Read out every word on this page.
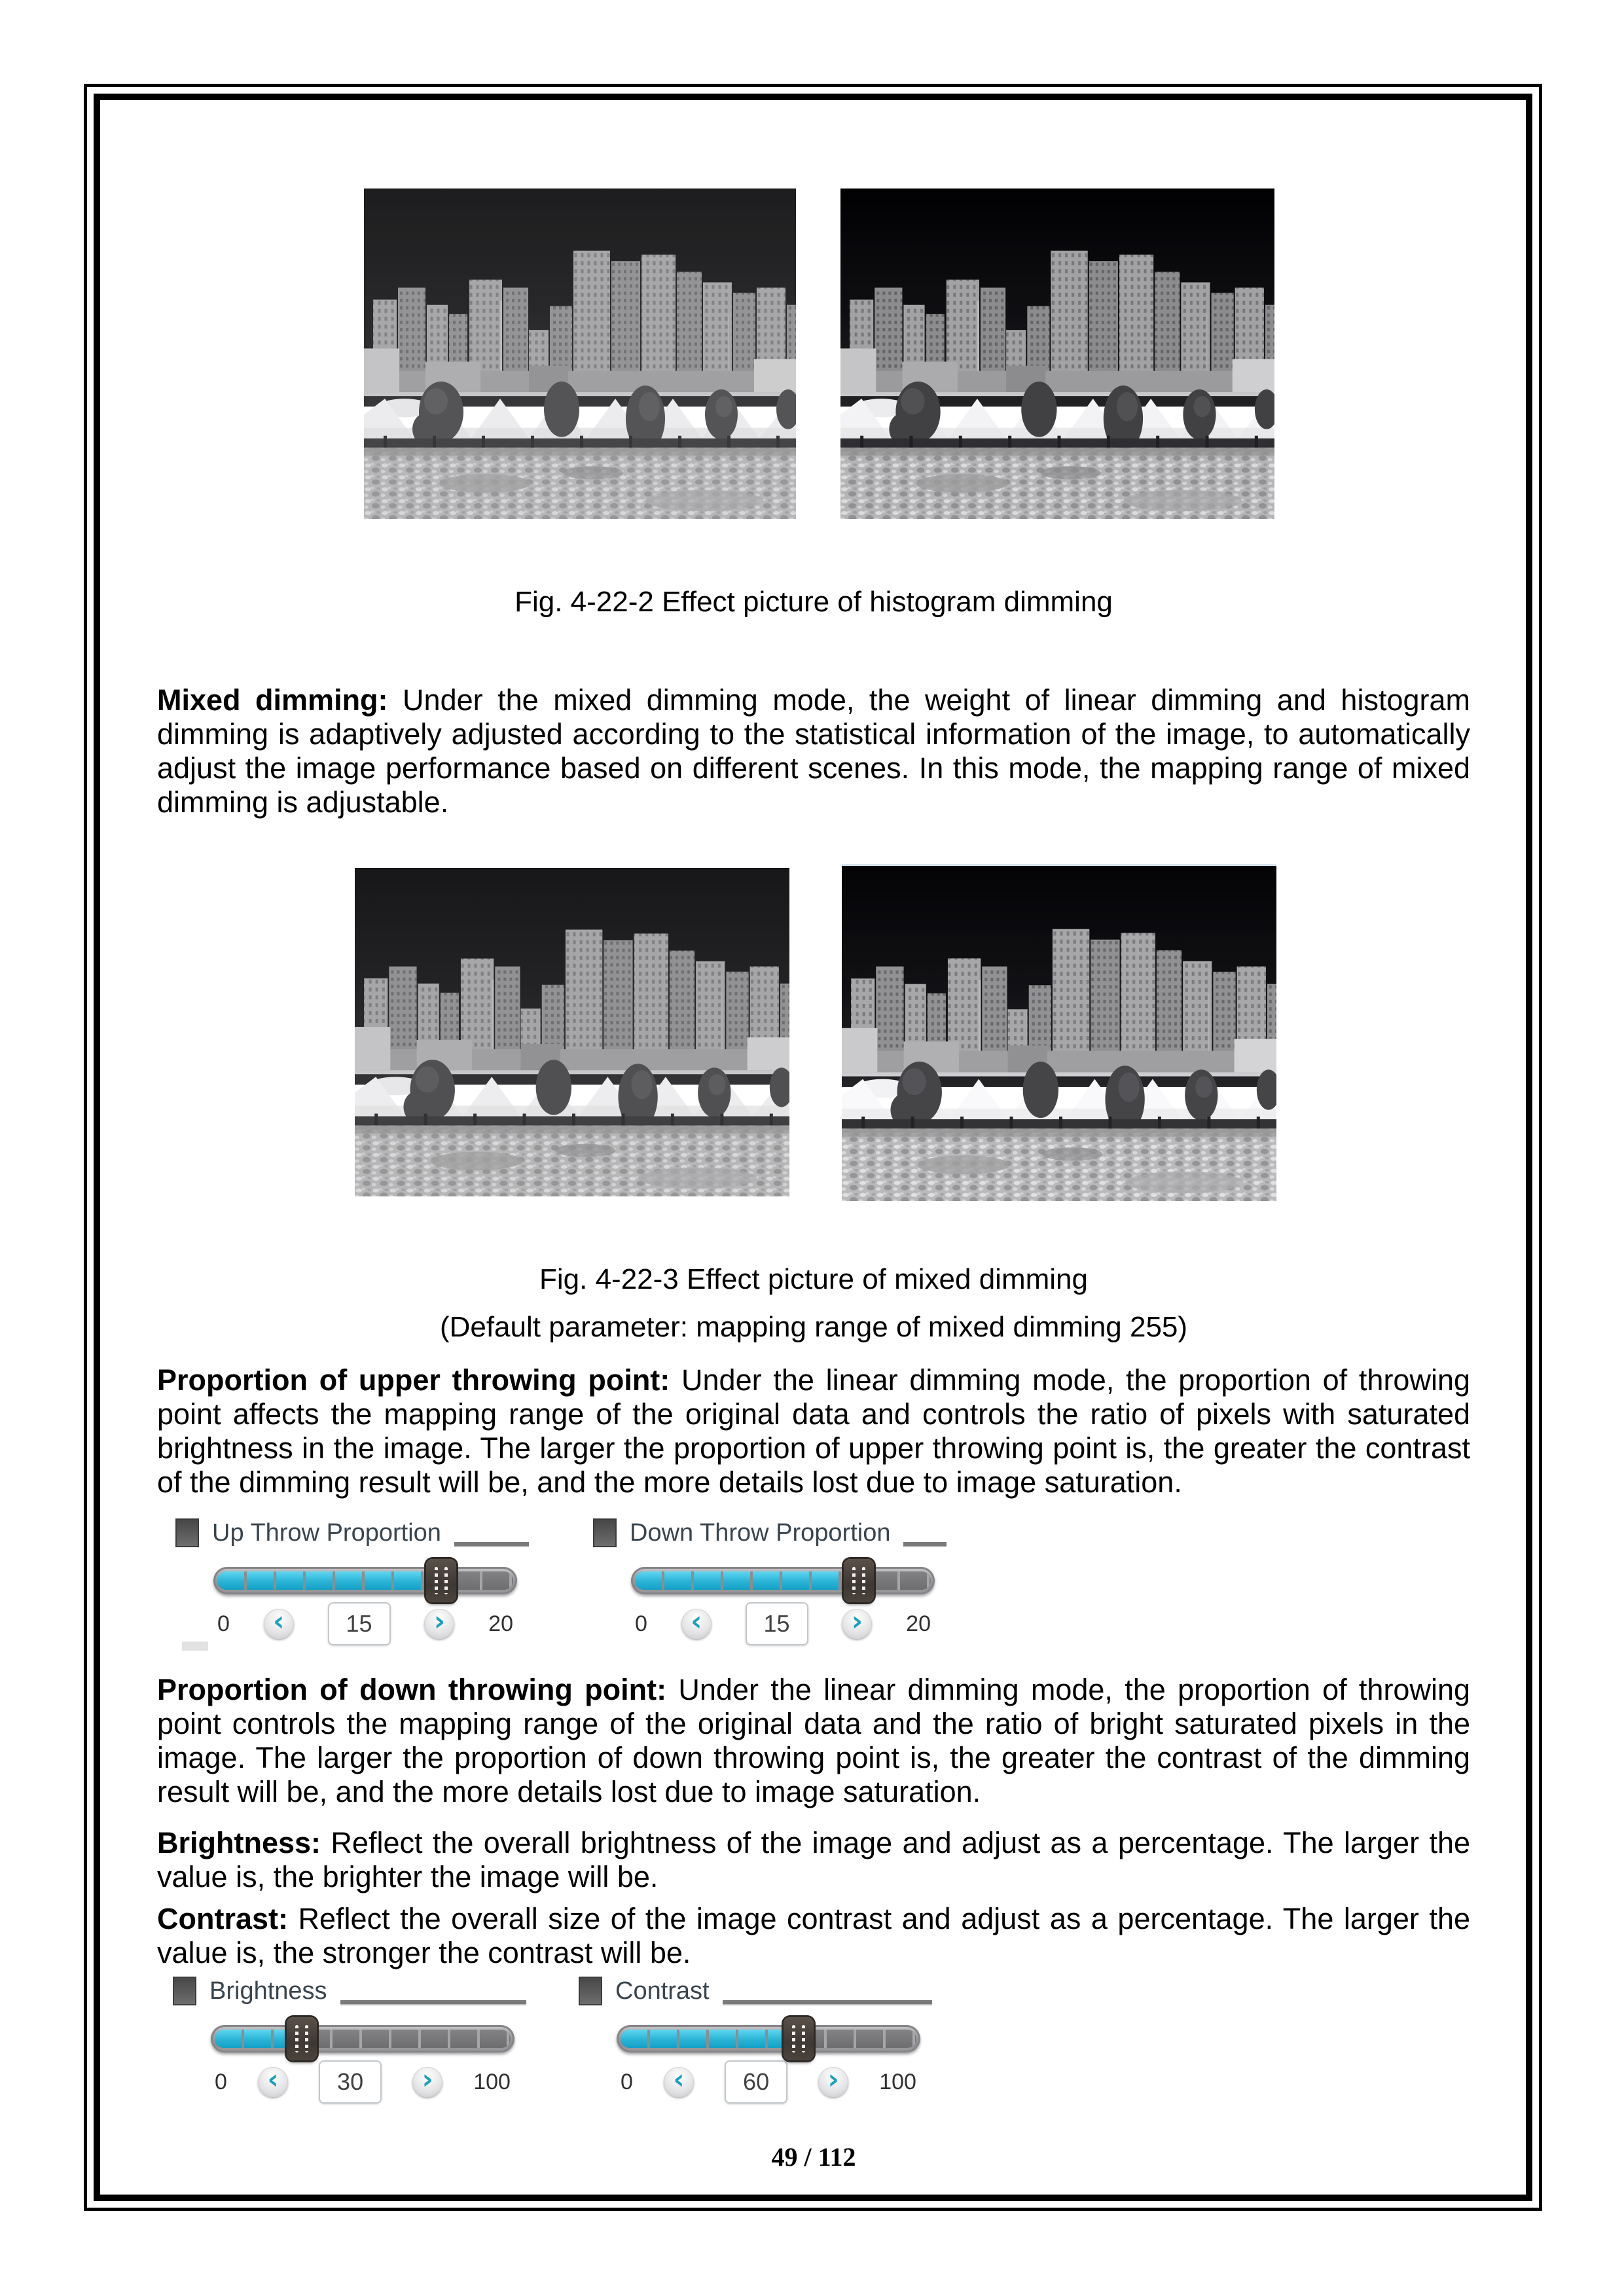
Fig. 4-22-2 Effect picture of histogram dimming

Mixed dimming: Under the mixed dimming mode, the weight of linear dimming and histogram dimming is adaptively adjusted according to the statistical information of the image, to automatically adjust the image performance based on different scenes. In this mode, the mapping range of mixed dimming is adjustable.

Fig. 4-22-3 Effect picture of mixed dimming
(Default parameter: mapping range of mixed dimming 255)

Proportion of upper throwing point: Under the linear dimming mode, the proportion of throwing point affects the mapping range of the original data and controls the ratio of pixels with saturated brightness in the image. The larger the proportion of upper throwing point is, the greater the contrast of the dimming result will be, and the more details lost due to image saturation.

Up Throw Proportion
0 ‹	15	› 20
Down Throw Proportion
0 ‹	15	› 20

Proportion of down throwing point: Under the linear dimming mode, the proportion of throwing point controls the mapping range of the original data and the ratio of bright saturated pixels in the image. The larger the proportion of down throwing point is, the greater the contrast of the dimming result will be, and the more details lost due to image saturation.

Brightness: Reflect the overall brightness of the image and adjust as a percentage. The larger the value is, the brighter the image will be.

Contrast: Reflect the overall size of the image contrast and adjust as a percentage. The larger the value is, the stronger the contrast will be.

Brightness
0 ‹	30	› 100
Contrast
0 ‹	60	› 100
49 / 112
